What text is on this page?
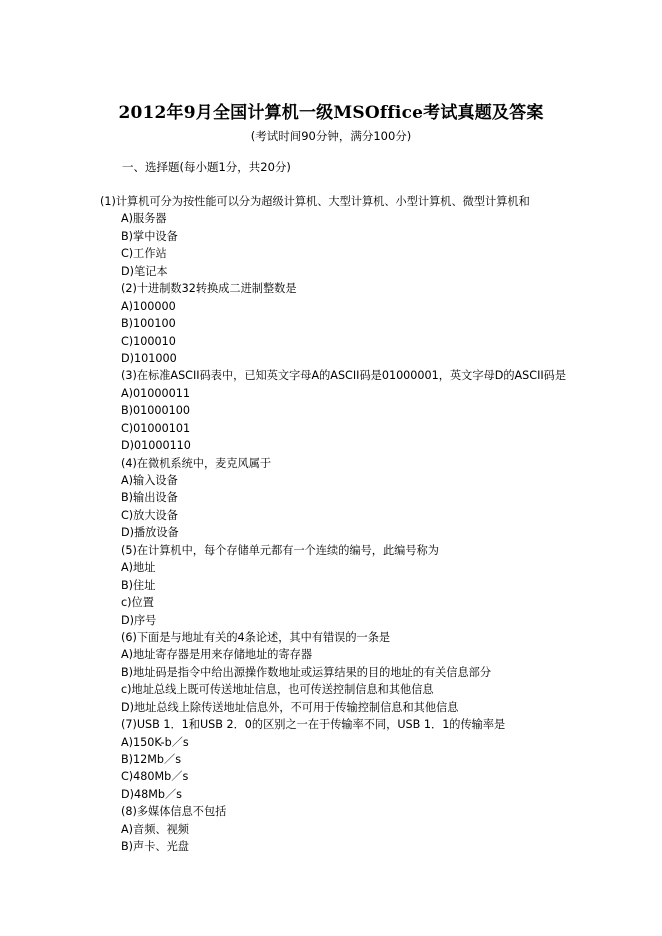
2012年9月全国计算机一级MSOffice考试真题及答案
(考试时间90分钟，满分100分)
一、选择题(每小题1分，共20分)
(1)计算机可分为按性能可以分为超级计算机、大型计算机、小型计算机、微型计算机和
A)服务器
B)掌中设备
C)工作站
D)笔记本
(2)十进制数32转换成二进制整数是
A)100000
B)100100
C)100010
D)101000
(3)在标准ASCII码表中，已知英文字母A的ASCII码是01000001，英文字母D的ASCII码是
A)01000011
B)01000100
C)01000101
D)01000110
(4)在微机系统中，麦克风属于
A)输入设备
B)输出设备
C)放大设备
D)播放设备
(5)在计算机中，每个存储单元都有一个连续的编号，此编号称为
A)地址
B)住址
c)位置
D)序号
(6)下面是与地址有关的4条论述，其中有错误的一条是
A)地址寄存器是用来存储地址的寄存器
B)地址码是指令中给出源操作数地址或运算结果的目的地址的有关信息部分
c)地址总线上既可传送地址信息，也可传送控制信息和其他信息
D)地址总线上除传送地址信息外，不可用于传输控制信息和其他信息
(7)USB 1．1和USB 2．0的区别之一在于传输率不同，USB 1．1的传输率是
A)150K-b／s
B)12Mb／s
C)480Mb／s
D)48Mb／s
(8)多媒体信息不包括
A)音频、视频
B)声卡、光盘
